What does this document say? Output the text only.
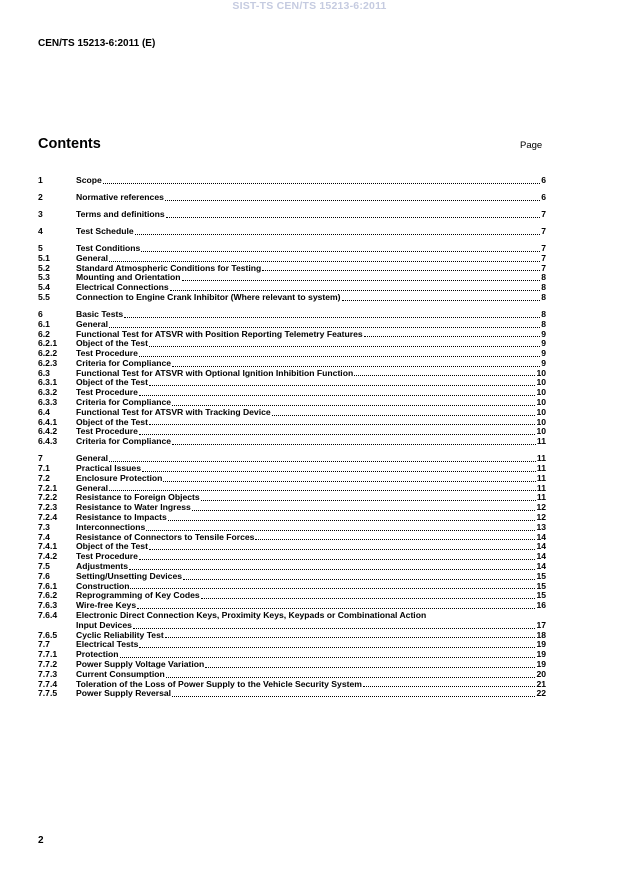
SIST-TS CEN/TS 15213-6:2011
CEN/TS 15213-6:2011 (E)
Contents	Page
1	Scope	6
2	Normative references	6
3	Terms and definitions	7
4	Test Schedule	7
5	Test Conditions	7
5.1	General	7
5.2	Standard Atmospheric Conditions for Testing	7
5.3	Mounting and Orientation	8
5.4	Electrical Connections	8
5.5	Connection to Engine Crank Inhibitor (Where relevant to system)	8
6	Basic Tests	8
6.1	General	8
6.2	Functional Test for ATSVR with Position Reporting Telemetry Features	9
6.2.1	Object of the Test	9
6.2.2	Test Procedure	9
6.2.3	Criteria for Compliance	9
6.3	Functional Test for ATSVR with Optional Ignition Inhibition Function	10
6.3.1	Object of the Test	10
6.3.2	Test Procedure	10
6.3.3	Criteria for Compliance	10
6.4	Functional Test for ATSVR with Tracking Device	10
6.4.1	Object of the Test	10
6.4.2	Test Procedure	10
6.4.3	Criteria for Compliance	11
7	General	11
7.1	Practical Issues	11
7.2	Enclosure Protection	11
7.2.1	General	11
7.2.2	Resistance to Foreign Objects	11
7.2.3	Resistance to Water Ingress	12
7.2.4	Resistance to Impacts	12
7.3	Interconnections	13
7.4	Resistance of Connectors to Tensile Forces	14
7.4.1	Object of the Test	14
7.4.2	Test Procedure	14
7.5	Adjustments	14
7.6	Setting/Unsetting Devices	15
7.6.1	Construction	15
7.6.2	Reprogramming of Key Codes	15
7.6.3	Wire-free Keys	16
7.6.4	Electronic Direct Connection Keys, Proximity Keys, Keypads or Combinational Action
Input Devices	17
7.6.5	Cyclic Reliability Test	18
7.7	Electrical Tests	19
7.7.1	Protection	19
7.7.2	Power Supply Voltage Variation	19
7.7.3	Current Consumption	20
7.7.4	Toleration of the Loss of Power Supply to the Vehicle Security System	21
7.7.5	Power Supply Reversal	22
2
